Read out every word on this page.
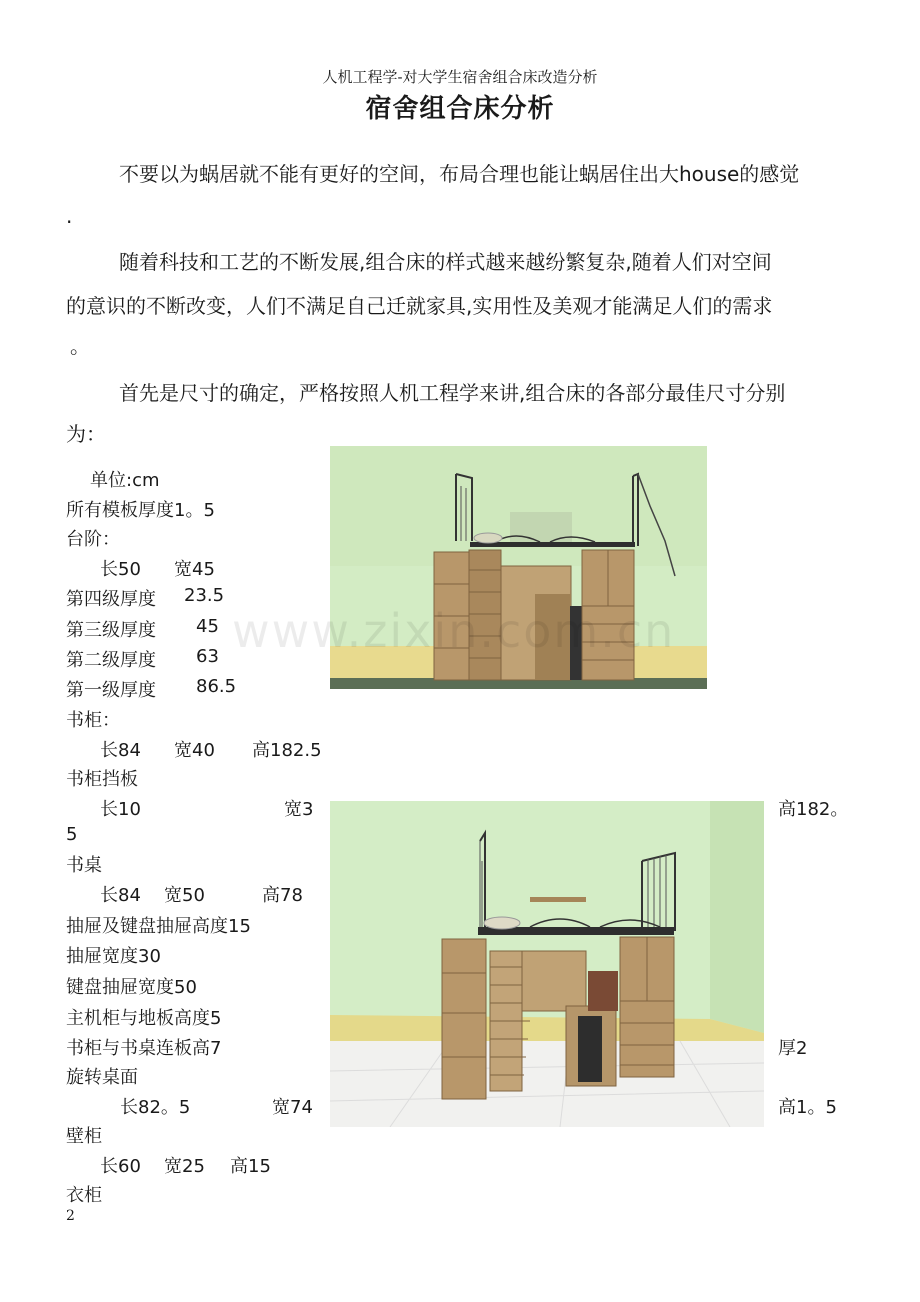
人机工程学-对大学生宿舍组合床改造分析
宿舍组合床分析
不要以为蜗居就不能有更好的空间，布局合理也能让蜗居住出大house的感觉
.
随着科技和工艺的不断发展,组合床的样式越来越纷繁复杂,随着人们对空间
的意识的不断改变，人们不满足自己迁就家具,实用性及美观才能满足人们的需求
。
首先是尺寸的确定，严格按照人机工程学来讲,组合床的各部分最佳尺寸分别
为：
www.zixin.com.cn
单位:cm
所有模板厚度1。5
台阶：
长50 宽45
第四级厚度 23.5
第三级厚度 45
第二级厚度 63
第一级厚度 86.5
书柜：
长84 宽40 高182.5
书柜挡板
长10	宽3	高182。
5
书桌
长84 宽50	高78
抽屉及键盘抽屉高度15
抽屉宽度30
键盘抽屉宽度50
主机柜与地板高度5
书柜与书桌连板高7	厚2
旋转桌面
长82。5	宽74	高1。5
壁柜
长60 宽25 高15
衣柜
2
